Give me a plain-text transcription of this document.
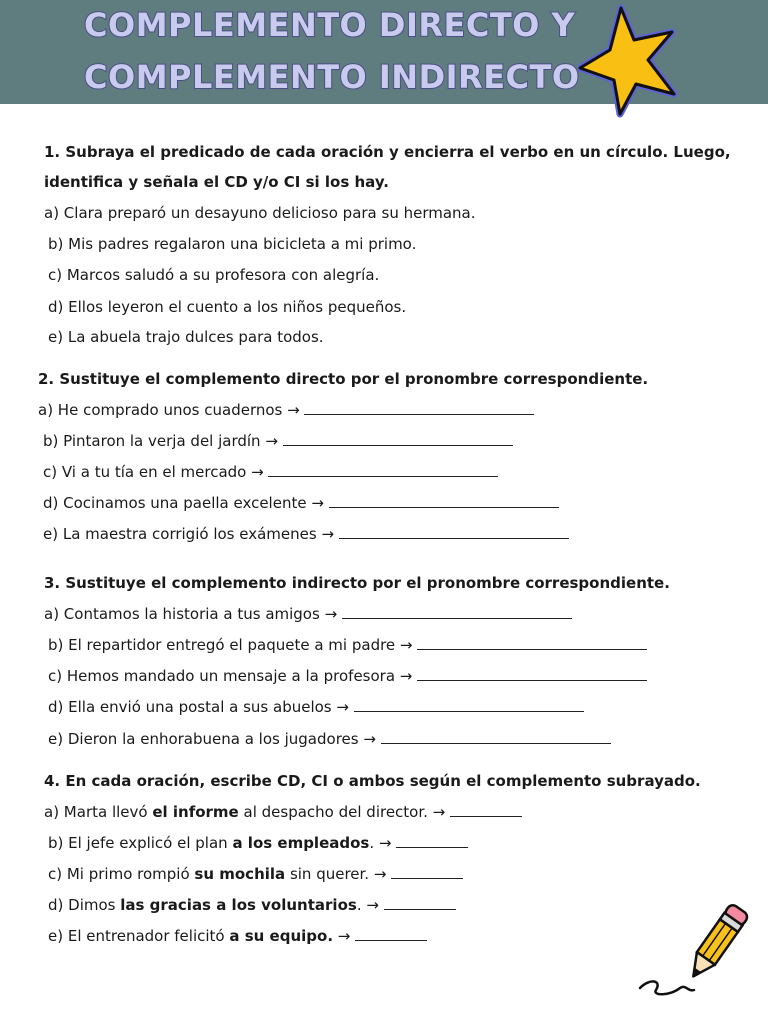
COMPLEMENTO DIRECTO Y
COMPLEMENTO INDIRECTO
1. Subraya el predicado de cada oración y encierra el verbo en un círculo. Luego,
identifica y señala el CD y/o CI si los hay.
a) Clara preparó un desayuno delicioso para su hermana.
b) Mis padres regalaron una bicicleta a mi primo.
c) Marcos saludó a su profesora con alegría.
d) Ellos leyeron el cuento a los niños pequeños.
e) La abuela trajo dulces para todos.
2. Sustituye el complemento directo por el pronombre correspondiente.
a) He comprado unos cuadernos →
b) Pintaron la verja del jardín →
c) Vi a tu tía en el mercado →
d) Cocinamos una paella excelente →
e) La maestra corrigió los exámenes →
3. Sustituye el complemento indirecto por el pronombre correspondiente.
a) Contamos la historia a tus amigos →
b) El repartidor entregó el paquete a mi padre →
c) Hemos mandado un mensaje a la profesora →
d) Ella envió una postal a sus abuelos →
e) Dieron la enhorabuena a los jugadores →
4. En cada oración, escribe CD, CI o ambos según el complemento subrayado.
a) Marta llevó el informe al despacho del director. →
b) El jefe explicó el plan a los empleados. →
c) Mi primo rompió su mochila sin querer. →
d) Dimos las gracias a los voluntarios. →
e) El entrenador felicitó a su equipo. →
